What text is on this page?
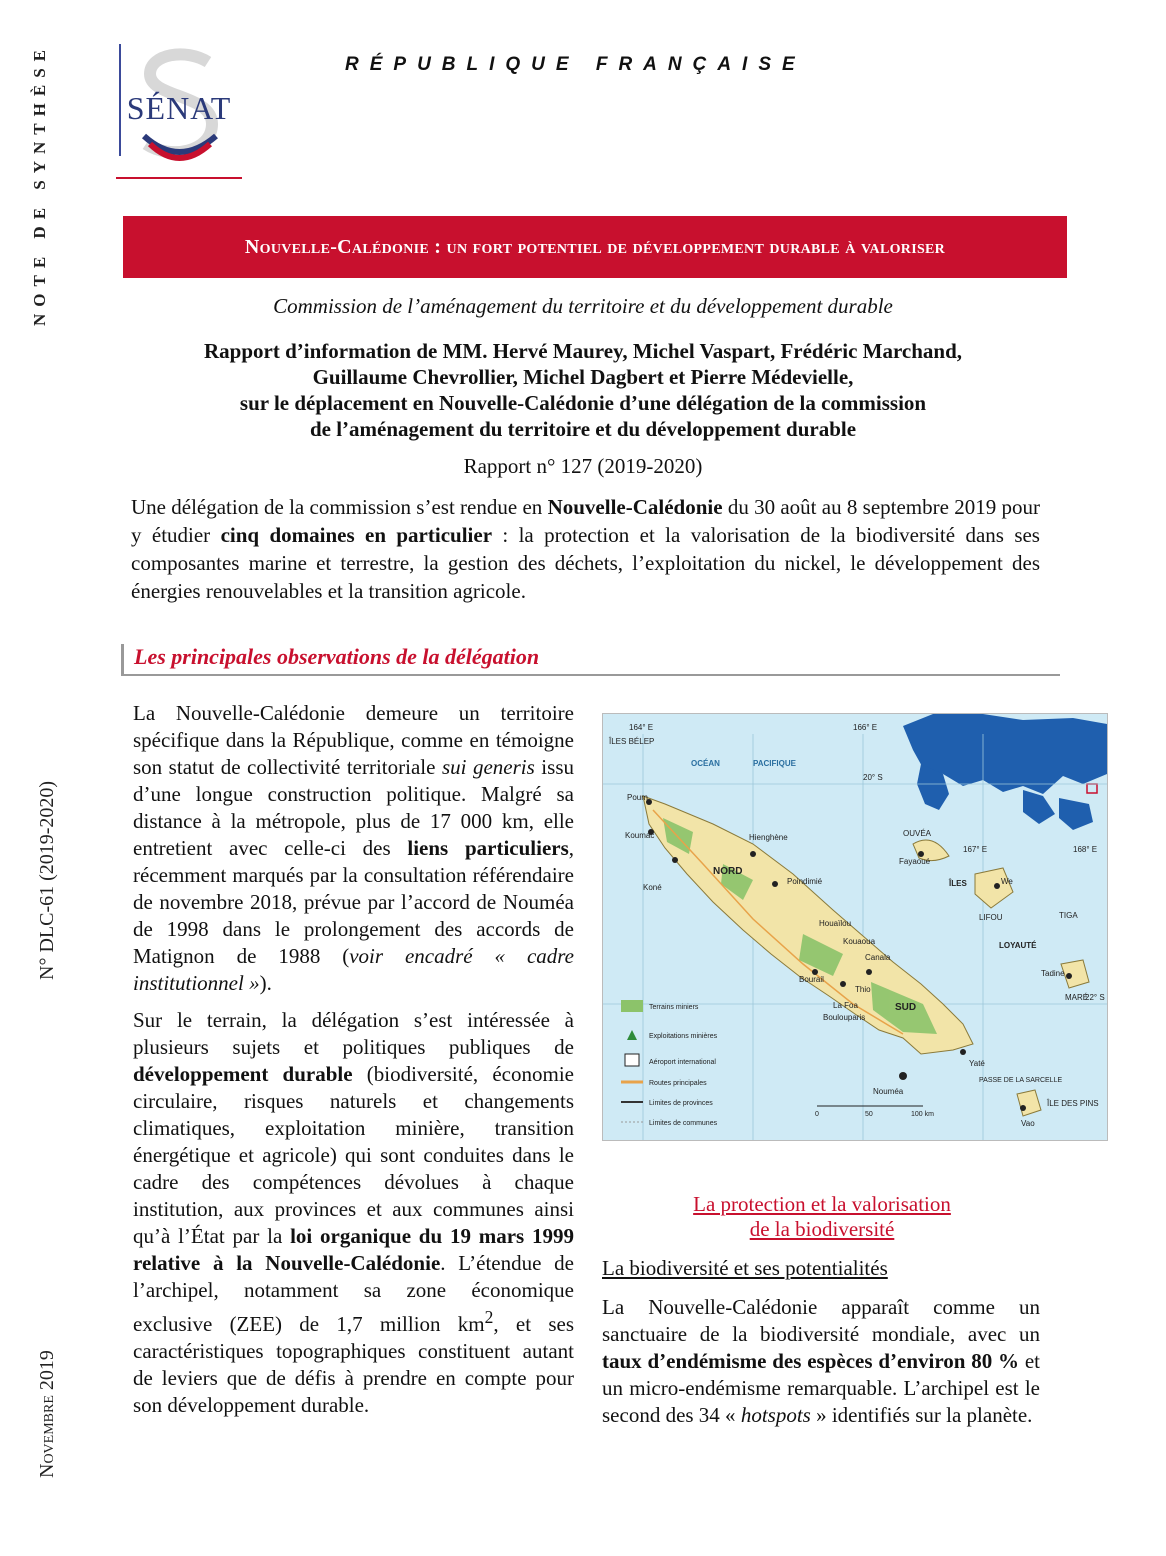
NOTE DE SYNTHÈSE
N° DLC-61 (2019-2020)
Novembre 2019
SÉNAT
RÉPUBLIQUE FRANÇAISE
Nouvelle-Calédonie : un fort potentiel de développement durable à valoriser
Commission de l’aménagement du territoire et du développement durable
Rapport d’information de MM. Hervé Maurey, Michel Vaspart, Frédéric Marchand,
Guillaume Chevrollier, Michel Dagbert et Pierre Médevielle,
sur le déplacement en Nouvelle-Calédonie d’une délégation de la commission
de l’aménagement du territoire et du développement durable
Rapport n° 127 (2019-2020)
Une délégation de la commission s’est rendue en Nouvelle-Calédonie du 30 août au 8 septembre 2019 pour y étudier cinq domaines en particulier : la protection et la valorisation de la biodiversité dans ses composantes marine et terrestre, la gestion des déchets, l’exploitation du nickel, le développement des énergies renouvelables et la transition agricole.
Les principales observations de la délégation

La Nouvelle-Calédonie demeure un territoire spécifique dans la République, comme en témoigne son statut de collectivité territoriale sui generis issu d’une longue construction politique. Malgré sa distance à la métropole, plus de 17 000 km, elle entretient avec celle-ci des liens particuliers, récemment marqués par la consultation référendaire de novembre 2018, prévue par l’accord de Nouméa de 1998 dans le prolongement des accords de Matignon de 1988 (voir encadré « cadre institutionnel »).

Sur le terrain, la délégation s’est intéressée à plusieurs sujets et politiques publiques de développement durable (biodiversité, économie circulaire, risques naturels et changements climatiques, exploitation minière, transition énergétique et agricole) qui sont conduites dans le cadre des compétences dévolues à chaque institution, aux provinces et aux communes ainsi qu’à l’État par la loi organique du 19 mars 1999 relative à la Nouvelle-Calédonie. L’étendue de l’archipel, notamment sa zone économique exclusive (ZEE) de 1,7 million $km^2$, et ses caractéristiques topographiques constituent autant de leviers que de défis à prendre en compte pour son développement durable.

ÎLES BÉLEP
OCÉAN	PACIFIQUE
NORD
SUD
OUVÉA
Fayaoué
ÎLES
LIFOU
We
TIGA
LOYAUTÉ
MARÉ
Tadine
Nouméa
Yaté
PASSE DE LA SARCELLE
ÎLE DES PINS
Vao
Poum
Koumac
Koné
Hienghène
Poindimié
Bourail
Thio
La Foa
Boulouparis
Canala
Houaïlou
Kouaoua
20° S
22° S
164° E	166° E
167° E	168° E
0	50	100 km
Terrains miniers
Exploitations minières
Aéroport international
Routes principales
Limites de provinces
Limites de communes
La protection et la valorisation
de la biodiversité
La biodiversité et ses potentialités

La Nouvelle-Calédonie apparaît comme un sanctuaire de la biodiversité mondiale, avec un taux d’endémisme des espèces d’environ 80 % et un micro-endémisme remarquable. L’archipel est le second des 34 « hotspots » identifiés sur la planète.
